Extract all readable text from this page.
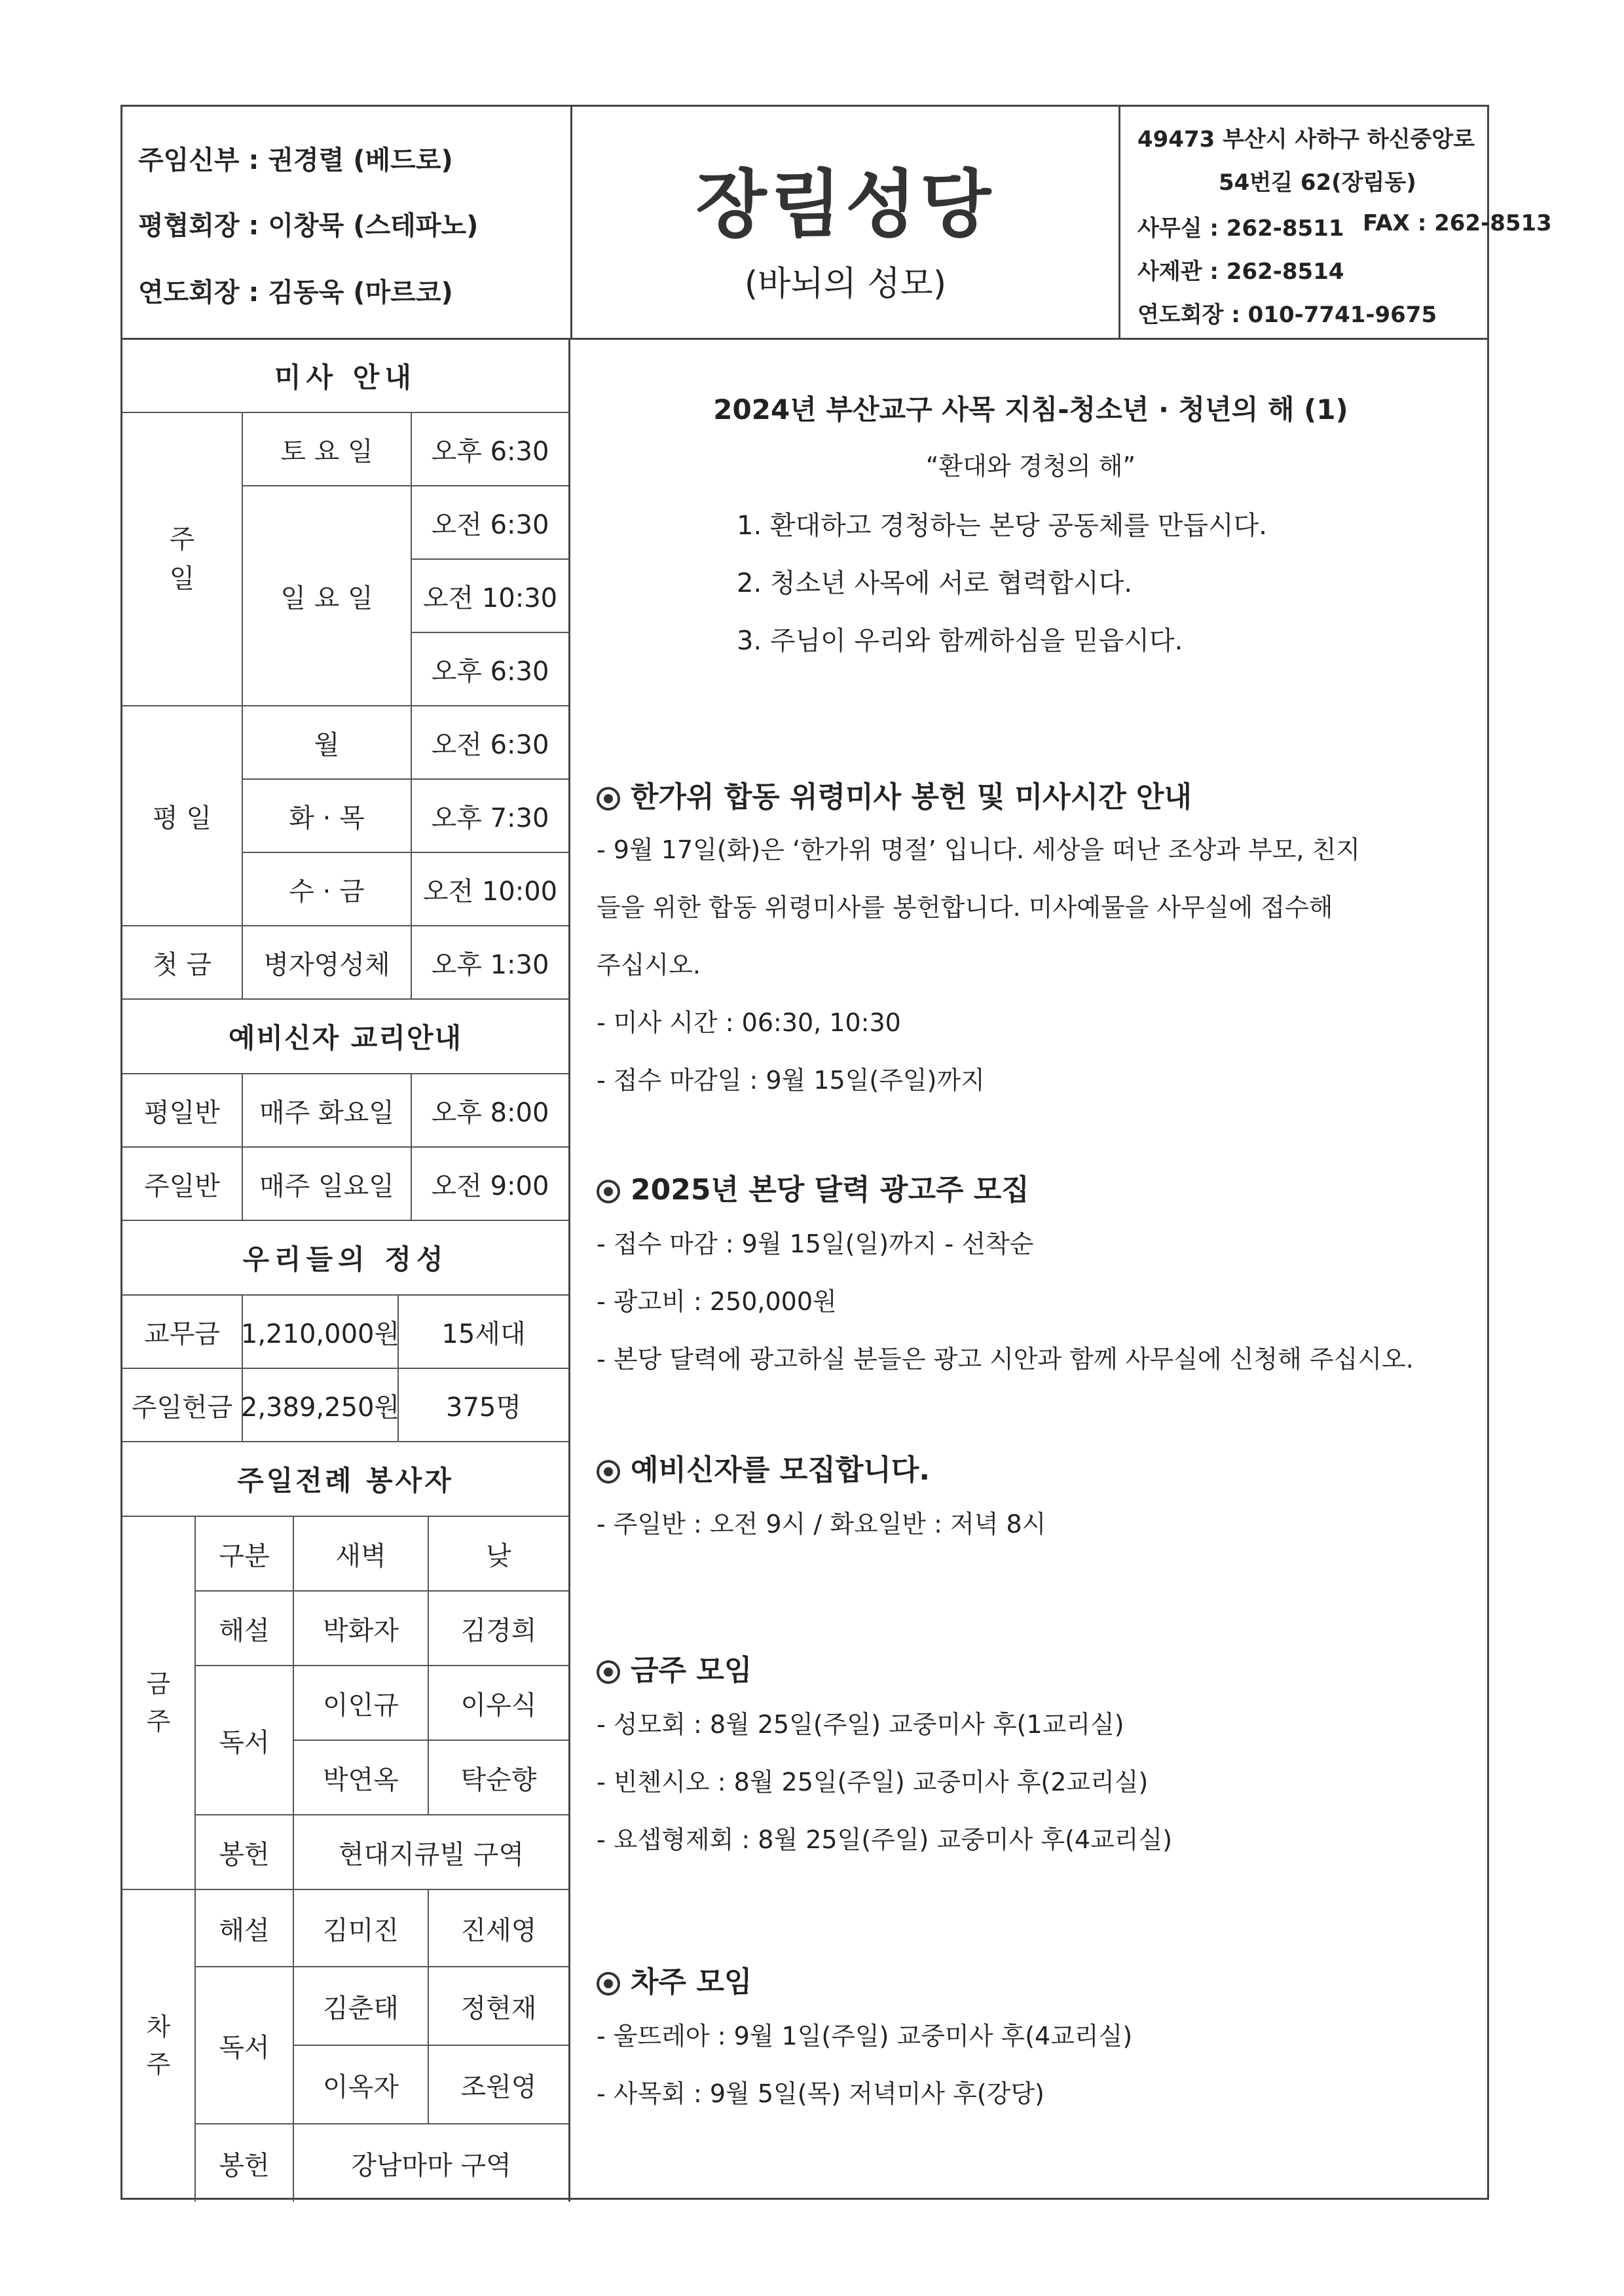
주임신부 : 권경렬 (베드로)
평협회장 : 이창묵 (스테파노)
연도회장 : 김동욱 (마르코)
장림성당
(바뇌의 성모)
49473 부산시 사하구 하신중앙로
54번길 62(장림동)
사무실 : 262-8511 FAX : 262-8513
사제관 : 262-8514
연도회장 : 010-7741-9675
미사 안내
주
일
토 요 일	오후 6:30
일 요 일
오전 6:30
오전 10:30
오후 6:30
평 일
월	오전 6:30
화 · 목	오후 7:30
수 · 금	오전 10:00
첫 금	병자영성체	오후 1:30
예비신자 교리안내
평일반	매주 화요일	오후 8:00
주일반	매주 일요일	오전 9:00
우리들의 정성
교무금 1,210,000원	15세대
주일헌금 2,389,250원	375명
주일전례 봉사자
금
주
구분	새벽	낮
해설	박화자	김경희
독서
이인규	이우식
박연옥	탁순향
봉헌	현대지큐빌 구역
차
주
해설	김미진	진세영
독서
김춘태	정현재
이옥자	조원영
봉헌	강남마마 구역
2024년 부산교구 사목 지침-청소년 · 청년의 해 (1)
“환대와 경청의 해”
1. 환대하고 경청하는 본당 공동체를 만듭시다.
2. 청소년 사목에 서로 협력합시다.
3. 주님이 우리와 함께하심을 믿읍시다.
한가위 합동 위령미사 봉헌 및 미사시간 안내
- 9월 17일(화)은 ‘한가위 명절’ 입니다. 세상을 떠난 조상과 부모, 친지
들을 위한 합동 위령미사를 봉헌합니다. 미사예물을 사무실에 접수해
주십시오.
- 미사 시간 : 06:30, 10:30
- 접수 마감일 : 9월 15일(주일)까지
2025년 본당 달력 광고주 모집
- 접수 마감 : 9월 15일(일)까지 - 선착순
- 광고비 : 250,000원
- 본당 달력에 광고하실 분들은 광고 시안과 함께 사무실에 신청해 주십시오.
예비신자를 모집합니다.
- 주일반 : 오전 9시 / 화요일반 : 저녁 8시
금주 모임
- 성모회 : 8월 25일(주일) 교중미사 후(1교리실)
- 빈첸시오 : 8월 25일(주일) 교중미사 후(2교리실)
- 요셉형제회 : 8월 25일(주일) 교중미사 후(4교리실)
차주 모임
- 울뜨레아 : 9월 1일(주일) 교중미사 후(4교리실)
- 사목회 : 9월 5일(목) 저녁미사 후(강당)
